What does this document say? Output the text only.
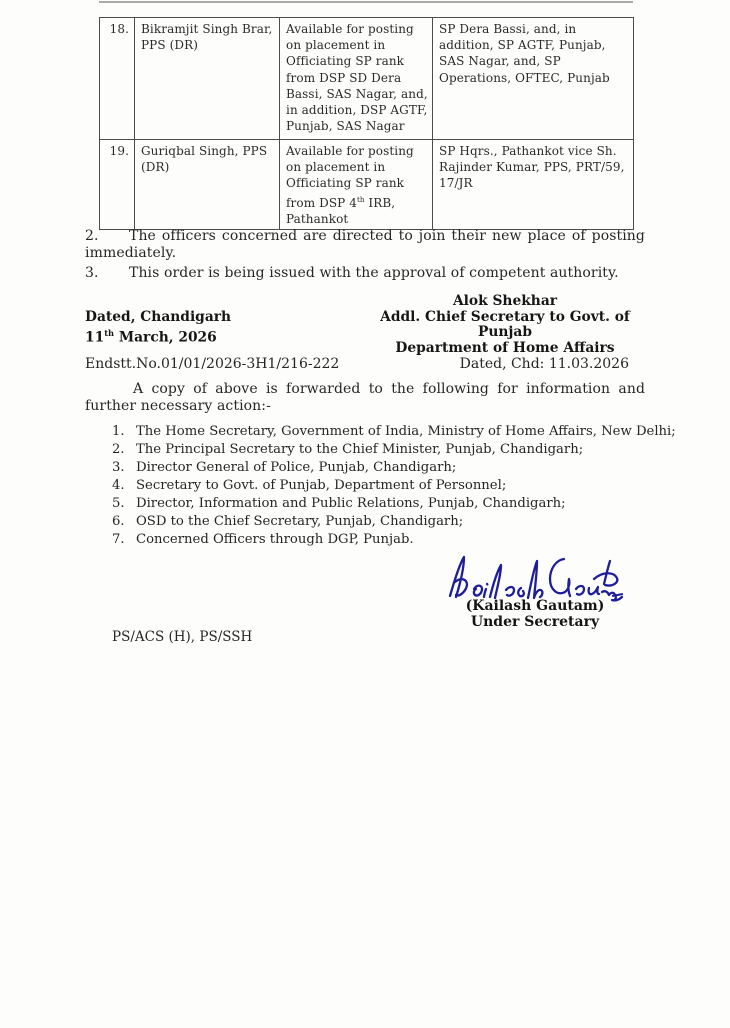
18.	Bikramjit Singh Brar, PPS (DR)	Available for posting on placement in Officiating SP rank from DSP SD Dera Bassi, SAS Nagar, and, in addition, DSP AGTF, Punjab, SAS Nagar	SP Dera Bassi, and, in addition, SP AGTF, Punjab, SAS Nagar, and, SP Operations, OFTEC, Punjab
19.	Guriqbal Singh, PPS (DR)	Available for posting on placement in Officiating SP rank from DSP 4th IRB, Pathankot	SP Hqrs., Pathankot vice Sh. Rajinder Kumar, PPS, PRT/59, 17/JR
2. The officers concerned are directed to join their new place of posting immediately.
3. This order is being issued with the approval of competent authority.
Alok Shekhar
Addl. Chief Secretary to Govt. of Punjab
Department of Home Affairs
Dated, Chandigarh
11th March, 2026
Endstt.No.01/01/2026-3H1/216-222	Dated, Chd: 11.03.2026
A copy of above is forwarded to the following for information and further necessary action:-
1. The Home Secretary, Government of India, Ministry of Home Affairs, New Delhi;
2. The Principal Secretary to the Chief Minister, Punjab, Chandigarh;
3. Director General of Police, Punjab, Chandigarh;
4. Secretary to Govt. of Punjab, Department of Personnel;
5. Director, Information and Public Relations, Punjab, Chandigarh;
6. OSD to the Chief Secretary, Punjab, Chandigarh;
7. Concerned Officers through DGP, Punjab.
(Kailash Gautam)
Under Secretary
PS/ACS (H), PS/SSH
